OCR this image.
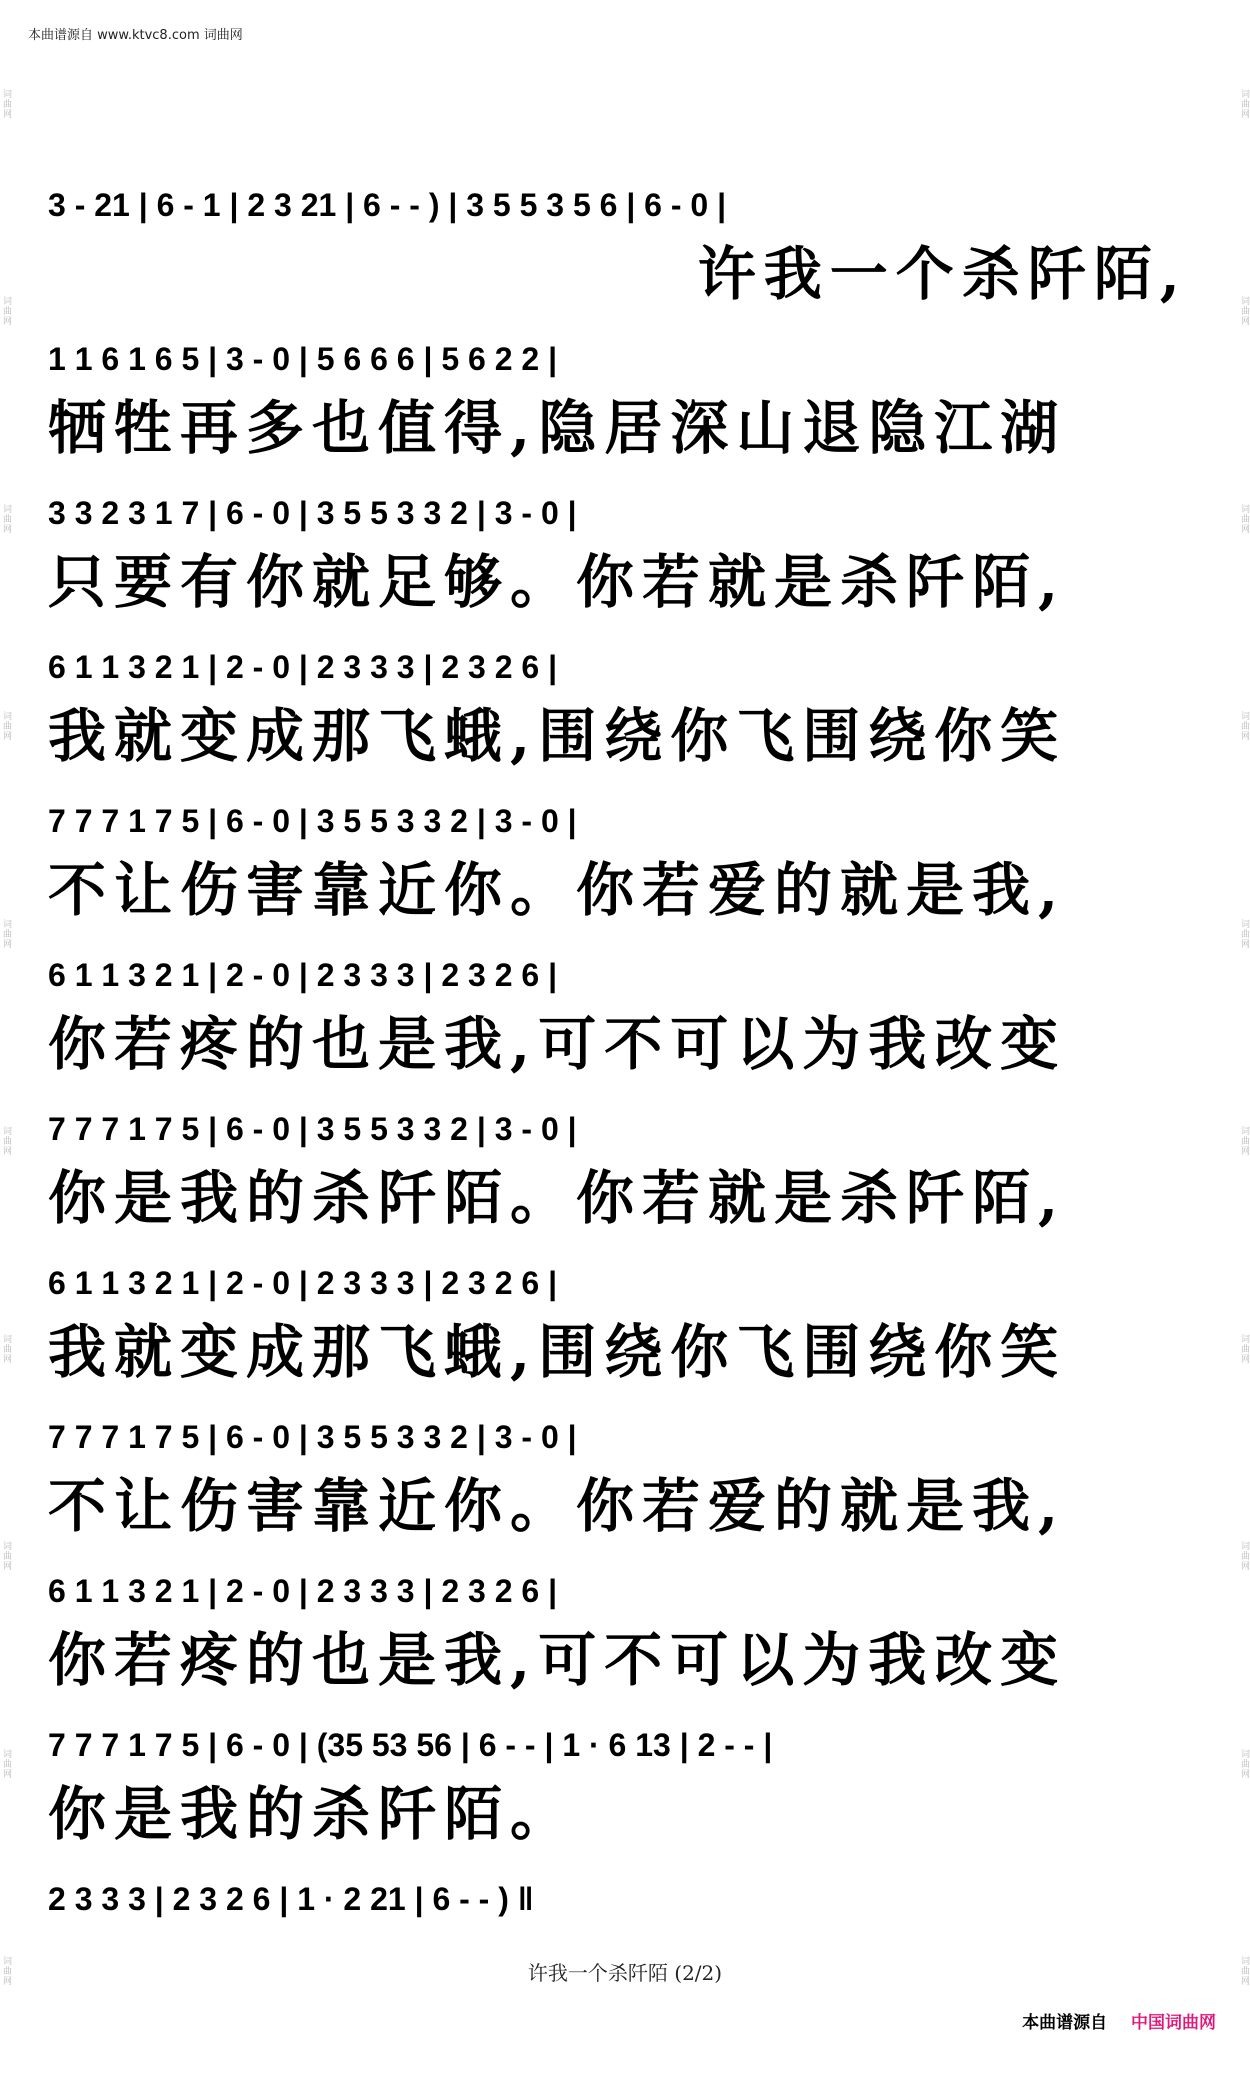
词曲网
词曲网
词曲网
词曲网
词曲网
词曲网
词曲网
词曲网
词曲网
词曲网
词曲网
词曲网
词曲网
词曲网
词曲网
词曲网
词曲网
词曲网
词曲网
词曲网
本曲谱源自 www.ktvc8.com 词曲网
3 - 21 | 6 - 1 | 2 3 21 | 6 - - ) | 3 5 5 3 5 6 | 6 - 0 |
许我一个杀阡陌,
1 1 6 1 6 5 | 3 - 0 | 5 6 6 6 | 5 6 2 2 |
牺牲再多也值得,隐居深山退隐江湖
3 3 2 3 1 7 | 6 - 0 | 3 5 5 3 3 2 | 3 - 0 |
只要有你就足够。你若就是杀阡陌,
6 1 1 3 2 1 | 2 - 0 | 2 3 3 3 | 2 3 2 6 |
我就变成那飞蛾,围绕你飞围绕你笑
7 7 7 1 7 5 | 6 - 0 | 3 5 5 3 3 2 | 3 - 0 |
不让伤害靠近你。你若爱的就是我,
6 1 1 3 2 1 | 2 - 0 | 2 3 3 3 | 2 3 2 6 |
你若疼的也是我,可不可以为我改变
7 7 7 1 7 5 | 6 - 0 | 3 5 5 3 3 2 | 3 - 0 |
你是我的杀阡陌。你若就是杀阡陌,
6 1 1 3 2 1 | 2 - 0 | 2 3 3 3 | 2 3 2 6 |
我就变成那飞蛾,围绕你飞围绕你笑
7 7 7 1 7 5 | 6 - 0 | 3 5 5 3 3 2 | 3 - 0 |
不让伤害靠近你。你若爱的就是我,
6 1 1 3 2 1 | 2 - 0 | 2 3 3 3 | 2 3 2 6 |
你若疼的也是我,可不可以为我改变
7 7 7 1 7 5 | 6 - 0 | (35 53 56 | 6 - - | 1 · 6 13 | 2 - - |
你是我的杀阡陌。
2 3 3 3 | 2 3 2 6 | 1 · 2 21 | 6 - - ) ‖
许我一个杀阡陌 (2/2)
本曲谱源自 中国词曲网
